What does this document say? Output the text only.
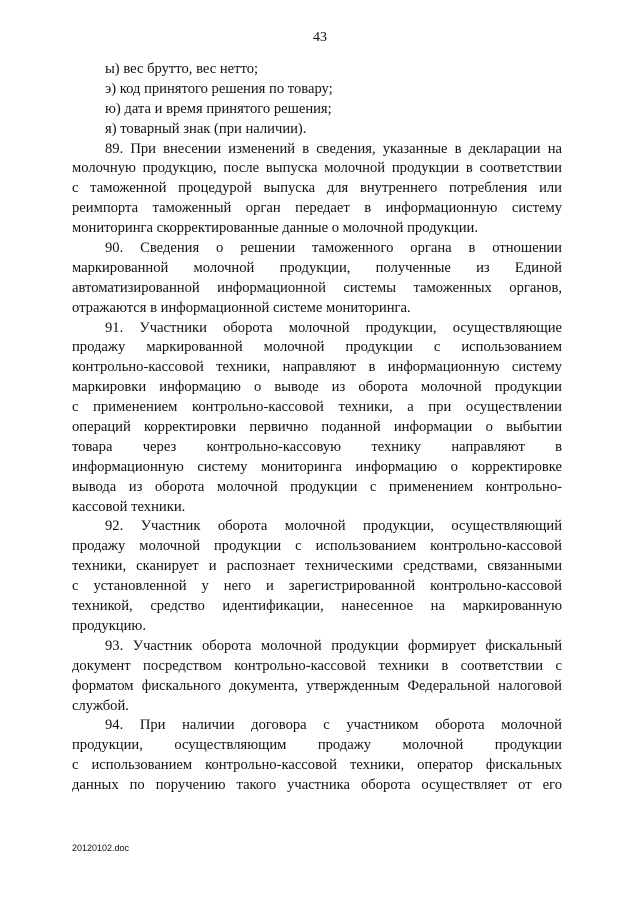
43
ы) вес брутто, вес нетто;
э) код принятого решения по товару;
ю) дата и время принятого решения;
я) товарный знак (при наличии).
89. При внесении изменений в сведения, указанные в декларации на
молочную продукцию, после выпуска молочной продукции в соответствии
с таможенной процедурой выпуска для внутреннего потребления или
реимпорта таможенный орган передает в информационную систему
мониторинга скорректированные данные о молочной продукции.
90. Сведения о решении таможенного органа в отношении
маркированной молочной продукции, полученные из Единой
автоматизированной информационной системы таможенных органов,
отражаются в информационной системе мониторинга.
91. Участники оборота молочной продукции, осуществляющие
продажу маркированной молочной продукции с использованием
контрольно-кассовой техники, направляют в информационную систему
маркировки информацию о выводе из оборота молочной продукции
с применением контрольно-кассовой техники, а при осуществлении
операций корректировки первично поданной информации о выбытии
товара через контрольно-кассовую технику направляют в
информационную систему мониторинга информацию о корректировке
вывода из оборота молочной продукции с применением контрольно-
кассовой техники.
92. Участник оборота молочной продукции, осуществляющий
продажу молочной продукции с использованием контрольно-кассовой
техники, сканирует и распознает техническими средствами, связанными
с установленной у него и зарегистрированной контрольно-кассовой
техникой, средство идентификации, нанесенное на маркированную
продукцию.
93. Участник оборота молочной продукции формирует фискальный
документ посредством контрольно-кассовой техники в соответствии с
форматом фискального документа, утвержденным Федеральной налоговой
службой.
94. При наличии договора с участником оборота молочной
продукции, осуществляющим продажу молочной продукции
с использованием контрольно-кассовой техники, оператор фискальных
данных по поручению такого участника оборота осуществляет от его
20120102.doc
